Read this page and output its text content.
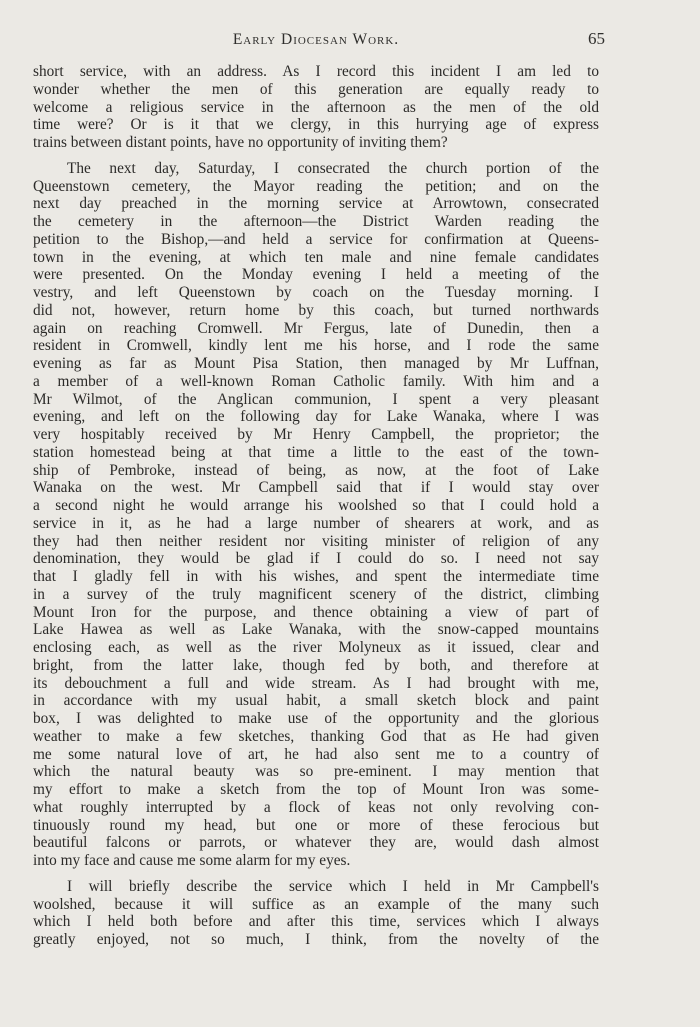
Early Diocesan Work.	65

short service, with an address. As I record this incident I am led to
wonder whether the men of this generation are equally ready to
welcome a religious service in the afternoon as the men of the old
time were? Or is it that we clergy, in this hurrying age of express
trains between distant points, have no opportunity of inviting them?

The next day, Saturday, I consecrated the church portion of the
Queenstown cemetery, the Mayor reading the petition; and on the
next day preached in the morning service at Arrowtown, consecrated
the cemetery in the afternoon—the District Warden reading the
petition to the Bishop,—and held a service for confirmation at Queens-
town in the evening, at which ten male and nine female candidates
were presented. On the Monday evening I held a meeting of the
vestry, and left Queenstown by coach on the Tuesday morning. I
did not, however, return home by this coach, but turned northwards
again on reaching Cromwell. Mr Fergus, late of Dunedin, then a
resident in Cromwell, kindly lent me his horse, and I rode the same
evening as far as Mount Pisa Station, then managed by Mr Luffnan,
a member of a well-known Roman Catholic family. With him and a
Mr Wilmot, of the Anglican communion, I spent a very pleasant
evening, and left on the following day for Lake Wanaka, where I was
very hospitably received by Mr Henry Campbell, the proprietor; the
station homestead being at that time a little to the east of the town-
ship of Pembroke, instead of being, as now, at the foot of Lake
Wanaka on the west. Mr Campbell said that if I would stay over
a second night he would arrange his woolshed so that I could hold a
service in it, as he had a large number of shearers at work, and as
they had then neither resident nor visiting minister of religion of any
denomination, they would be glad if I could do so. I need not say
that I gladly fell in with his wishes, and spent the intermediate time
in a survey of the truly magnificent scenery of the district, climbing
Mount Iron for the purpose, and thence obtaining a view of part of
Lake Hawea as well as Lake Wanaka, with the snow-capped mountains
enclosing each, as well as the river Molyneux as it issued, clear and
bright, from the latter lake, though fed by both, and therefore at
its debouchment a full and wide stream. As I had brought with me,
in accordance with my usual habit, a small sketch block and paint
box, I was delighted to make use of the opportunity and the glorious
weather to make a few sketches, thanking God that as He had given
me some natural love of art, he had also sent me to a country of
which the natural beauty was so pre-eminent. I may mention that
my effort to make a sketch from the top of Mount Iron was some-
what roughly interrupted by a flock of keas not only revolving con-
tinuously round my head, but one or more of these ferocious but
beautiful falcons or parrots, or whatever they are, would dash almost
into my face and cause me some alarm for my eyes.

I will briefly describe the service which I held in Mr Campbell's
woolshed, because it will suffice as an example of the many such
which I held both before and after this time, services which I always
greatly enjoyed, not so much, I think, from the novelty of the
